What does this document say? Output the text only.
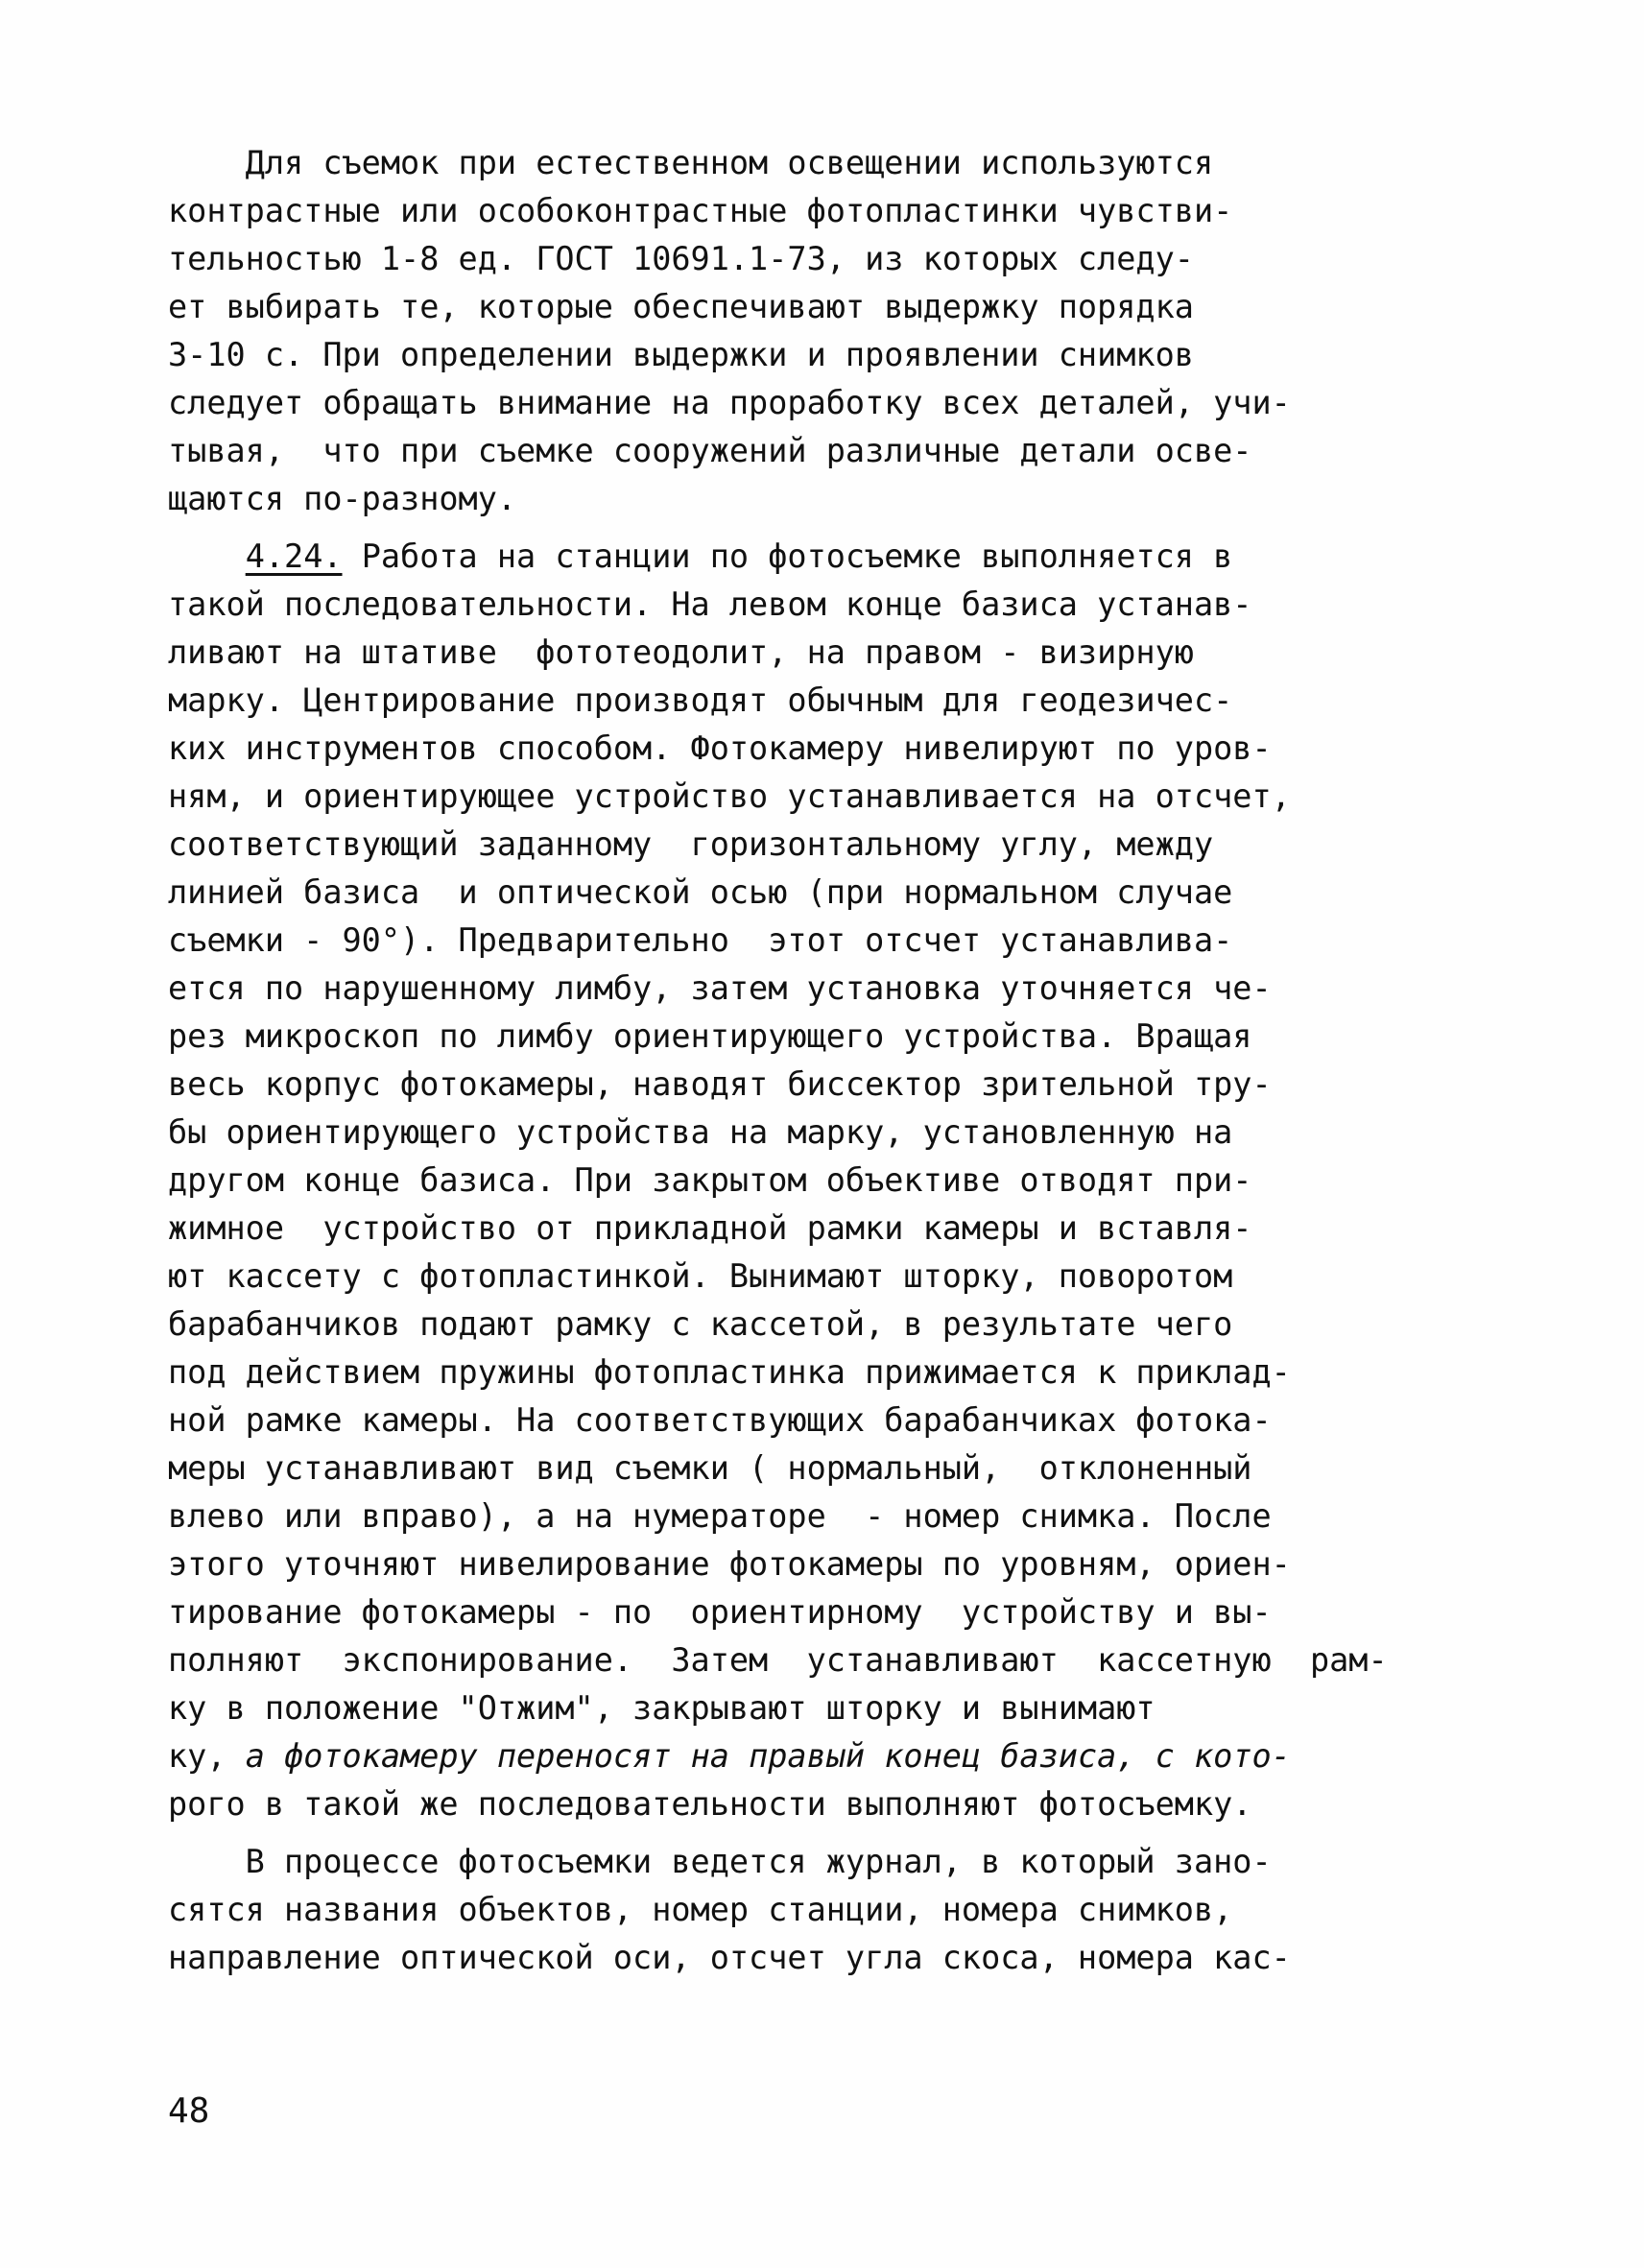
Для съемок при естественном освещении используются
контрастные или особоконтрастные фотопластинки чувстви-
тельностью 1-8 ед. ГОСТ 10691.1-73, из которых следу-
ет выбирать те, которые обеспечивают выдержку порядка
3-10 с. При определении выдержки и проявлении снимков
следует обращать внимание на проработку всех деталей, учи-
тывая,  что при съемке сооружений различные детали осве-
щаются по-разному.
4.24. Работа на станции по фотосъемке выполняется в
такой последовательности. На левом конце базиса устанав-
ливают на штативе  фототеодолит, на правом - визирную
марку. Центрирование производят обычным для геодезичес-
ких инструментов способом. Фотокамеру нивелируют по уров-
ням, и ориентирующее устройство устанавливается на отсчет,
соответствующий заданному  горизонтальному углу, между
линией базиса  и оптической осью (при нормальном случае
съемки - 90°). Предварительно  этот отсчет устанавлива-
ется по нарушенному лимбу, затем установка уточняется че-
рез микроскоп по лимбу ориентирующего устройства. Вращая
весь корпус фотокамеры, наводят биссектор зрительной тру-
бы ориентирующего устройства на марку, установленную на
другом конце базиса. При закрытом объективе отводят при-
жимное  устройство от прикладной рамки камеры и вставля-
ют кассету с фотопластинкой. Вынимают шторку, поворотом
барабанчиков подают рамку с кассетой, в результате чего
под действием пружины фотопластинка прижимается к приклад-
ной рамке камеры. На соответствующих барабанчиках фотока-
меры устанавливают вид съемки ( нормальный,  отклоненный
влево или вправо), а на нумераторе  - номер снимка. После
этого уточняют нивелирование фотокамеры по уровням, ориен-
тирование фотокамеры - по  ориентирному  устройству и вы-
полняют  экспонирование.  Затем  устанавливают  кассетную  рам-
ку в положение "Отжим", закрывают шторку и вынимают
ку, а фотокамеру переносят на правый конец базиса, с кото-
рого в такой же последовательности выполняют фотосъемку.
В процессе фотосъемки ведется журнал, в который зано-
сятся названия объектов, номер станции, номера снимков,
направление оптической оси, отсчет угла скоса, номера кас-
48
